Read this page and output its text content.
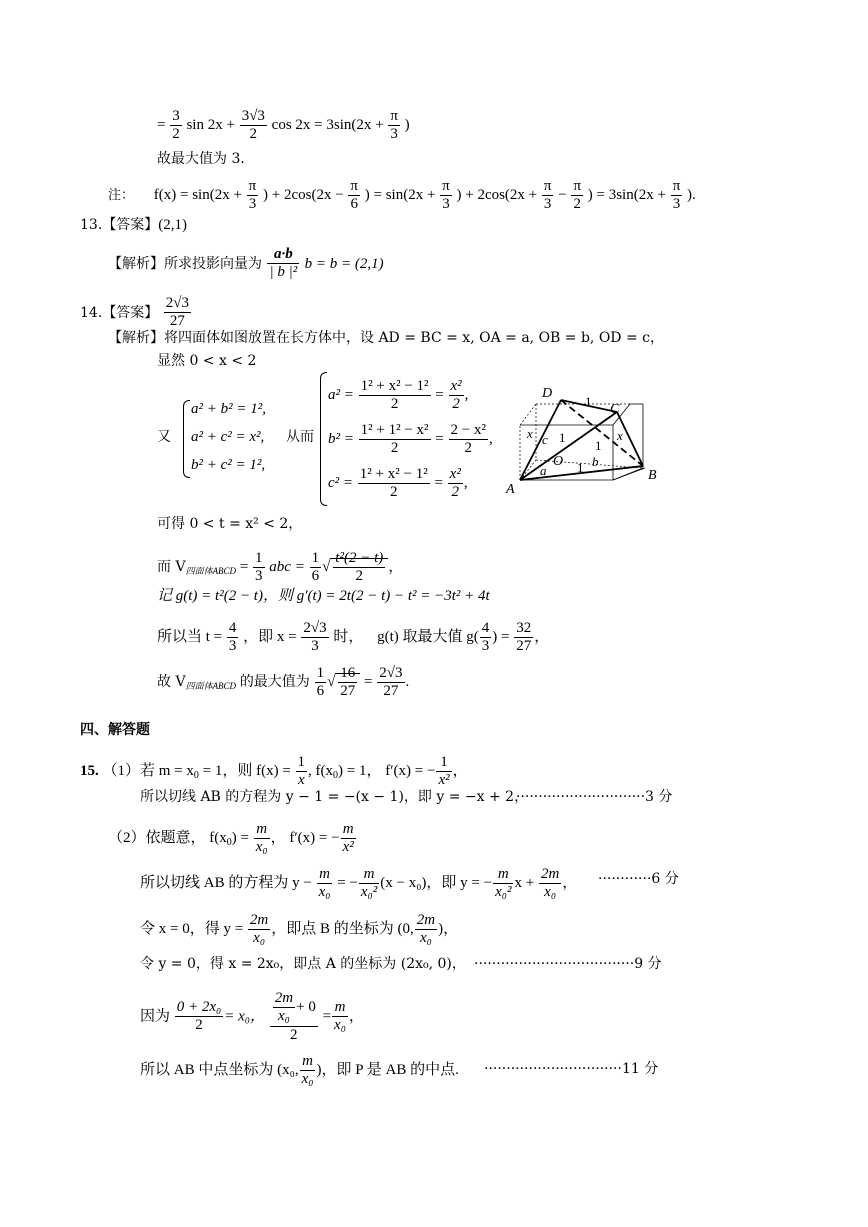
= $\frac{3}{2}$ $\sin 2x + \frac{3√3}{2}$ $\cos 2x = 3\sin(2x + \frac{\pi}{3}$ )
故最大值为 3.
注： $f(x) = \sin(2x + \frac{\pi}{3}$ ) + $2\cos(2x - \frac{\pi}{6}$ ) = $\sin(2x + \frac{\pi}{3}$ ) + $2\cos(2x + \frac{\pi}{3} - \frac{\pi}{2}$ ) = $3\sin(2x + \frac{\pi}{3}$ ).
13.【答案】(2,1)
【解析】所求投影向量为 $\frac{a\cdot b}{\text{| b |²}}$ b = b = (2,1)
14.【答案】 $\frac{2√3}{27}$
【解析】将四面体如图放置在长方体中，设 AD = BC = x, OA = a, OB = b, OD = c，
显然 0 < x < 2
又
a² + b² = 1²,
a² + c² = x²,
b² + c² = 1²,
从而
$a^2 = \frac{\text{1² + x² − 1²}}{2} = \frac{\text{x²}}{2}$ ,
$b^2 = \frac{\text{1² + 1² − x²}}{2} = \frac{\text{2 − x²}}{2}$ ,
$c^2 = \frac{\text{1² + x² − 1²}}{2} = \frac{\text{x²}}{2}$ ,
D
C
A
B
O
1
x c 1
1
x
a
b
1
可得 0 < t = x² < 2，
而 $V_{四面体ABCD} = \frac{1}{3}$ abc = $\frac{1}{6}$ √ $\frac{\text{t²(2 − t)}}{2}$ ，
记 g(t) = t²(2 − t)，则 g′(t) = 2t(2 − t) − t² = −3t² + 4t
所以当 $t = \frac{4}{3}$ ，即 $x = \frac{2√3}{3}$ 时， g(t) 取最大值 $g( \frac{4}{3}$ ) = $\frac{32}{27}$ ，
故 $V_{四面体ABCD}$ 的最大值为 $\frac{1}{6}$ √ $\frac{16}{27} = \frac{2√3}{27}$ .
四、解答题
15. （1）若 $m = x_0 = 1$，则 $f(x) = \frac{1}{x}$ , $f(x_0) = 1$， f′(x) = − $\frac{1}{\text{x²}}$ ，
所以切线 AB 的方程为 y − 1 = −(x − 1)，即 y = −x + 2，
·····························3 分
（2）依题意， $f(x_0) = \frac{m}{\text{x₀}}$ ， f′(x) = − $\frac{m}{\text{x²}}$
所以切线 AB 的方程为 $y - \frac{m}{\text{x₀}}$ = − $\frac{m}{\text{x₀²}} (x - x_0)$，即 y = − $\frac{m}{\text{x₀²}}$ $x + \frac{2m}{\text{x₀}}$ ， ············6 分
令 x = 0，得 $y = \frac{2m}{\text{x₀}}$ ，即点 B 的坐标为 (0, $\frac{2m}{\text{x₀}}$ )，
令 y = 0，得 x = 2x₀，即点 A 的坐标为 (2x₀, 0)， ····································9 分
因为 $\frac{\text{0 + 2x₀}}{2} = x_0$， $\frac{\frac{2m}{\text{x₀}} + 0}{2} = \frac{m}{\text{x₀}}$ ，
所以 AB 中点坐标为 (x₀, $\frac{m}{\text{x₀}}$ )，即 P 是 AB 的中点. ·······························11 分
